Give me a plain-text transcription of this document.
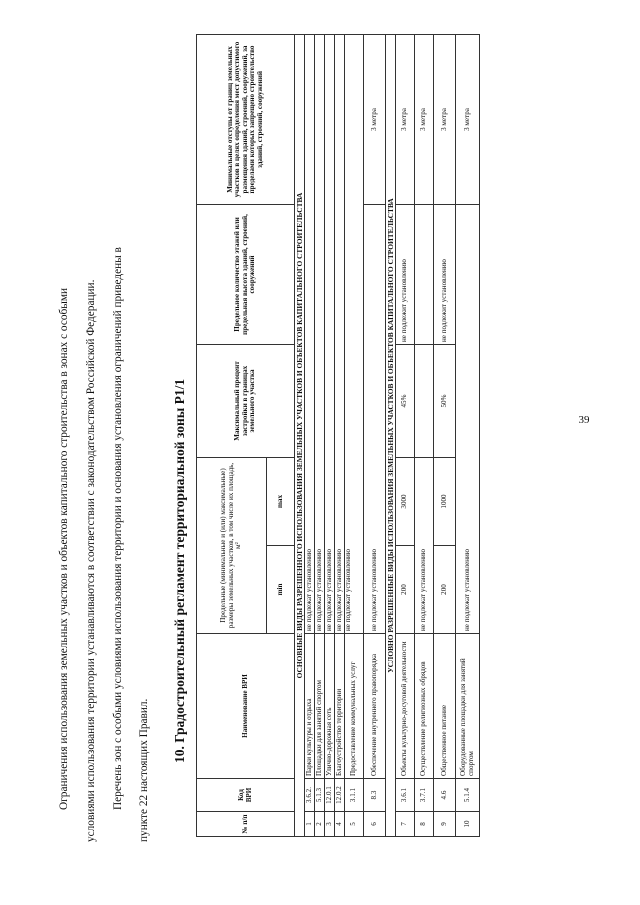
39
Ограничения использования земельных участков и объектов капитального строительства в зонах с особыми условиями использования территории устанавливаются в соответствии с законодательством Российской Федерации. Перечень зон с особыми условиями использования территории и основания установления ограничений приведены в пункте 22 настоящих Правил.
10. Градостроительный регламент территориальной зоны Р1/1
№ п/п	Код ВРИ	Наименование ВРИ	Предельные (минимальные и (или) максимальные) размеры земельных участков, в том числе их площадь, м²		Максимальный процент застройки в границах земельного участка	Предельное количество этажей или предельная высота зданий, строений, сооружений	Минимальные отступы от границ земельных участков в целях определения мест допустимого размещения зданий, строений, сооружений, за пределами которых запрещено строительство зданий, строений, сооружений
			min	max			
ОСНОВНЫЕ ВИДЫ РАЗРЕШЕННОГО ИСПОЛЬЗОВАНИЯ ЗЕМЕЛЬНЫХ УЧАСТКОВ И ОБЪЕКТОВ КАПИТАЛЬНОГО СТРОИТЕЛЬСТВА							
1	3.6.2.	Парки культуры и отдыха	не подлежат установлению				
2	5.1.3	Площадки для занятий спортом	не подлежат установлению				
3	12.0.1	Улично-дорожная сеть	не подлежат установлению				
4	12.0.2	Благоустройство территории	не подлежат установлению				
5	3.1.1	Предоставление коммунальных услуг	не подлежат установлению				
6	8.3	Обеспечение внутреннего правопорядка	не подлежат установлению				3 метра
УСЛОВНО РАЗРЕШЕННЫЕ ВИДЫ ИСПОЛЬЗОВАНИЯ ЗЕМЕЛЬНЫХ УЧАСТКОВ И ОБЪЕКТОВ КАПИТАЛЬНОГО СТРОИТЕЛЬСТВА							
7	3.6.1	Объекты культурно-досуговой деятельности	200	3000	45%	не подлежит установлению	3 метра
8	3.7.1	Осуществление религиозных обрядов	не подлежат установлению				3 метра
9	4.6	Общественное питание	200	1000	50%	не подлежит установлению	3 метра
10	5.1.4	Оборудованные площадки для занятий спортом	не подлежат установлению				3 метра
